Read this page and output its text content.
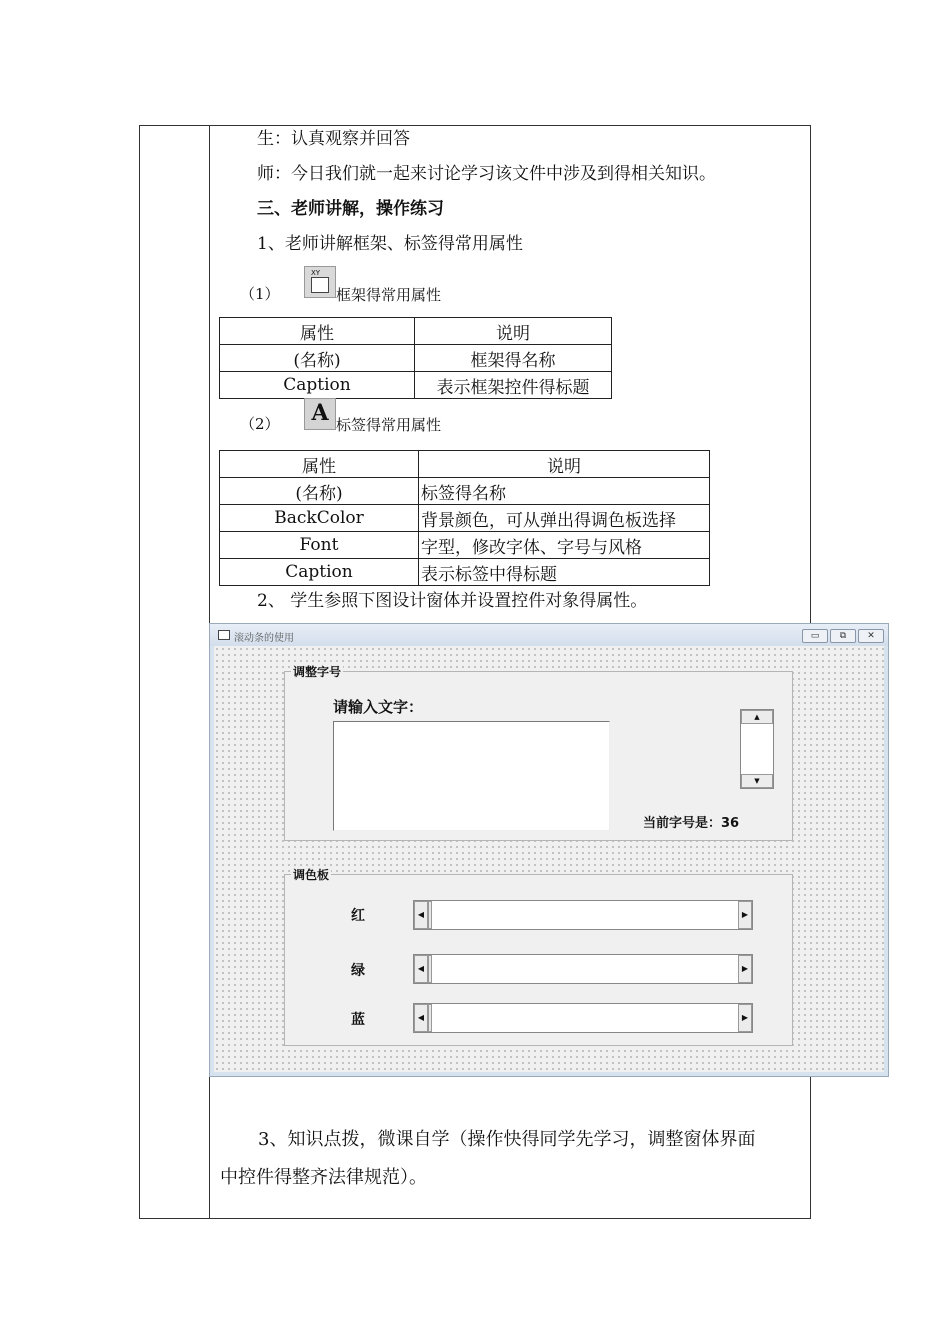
生：认真观察并回答
师：今日我们就一起来讨论学习该文件中涉及到得相关知识。
三、老师讲解，操作练习
1、老师讲解框架、标签得常用属性
（1）
XY
框架得常用属性
属性	说明
(名称)	框架得名称
Caption	表示框架控件得标题
（2）	A 标签得常用属性
属性	说明
(名称)	标签得名称
BackColor	背景颜色，可从弹出得调色板选择
Font	字型，修改字体、字号与风格
Caption	表示标签中得标题
2、 学生参照下图设计窗体并设置控件对象得属性。
滚动条的使用	▭	⧉	✕
调整字号
请输入文字：
▲
▼
当前字号是：36
调色板
红	◀	▶
绿	◀	▶
蓝	◀	▶
3、知识点拨，微课自学（操作快得同学先学习，调整窗体界面
中控件得整齐法律规范）。
